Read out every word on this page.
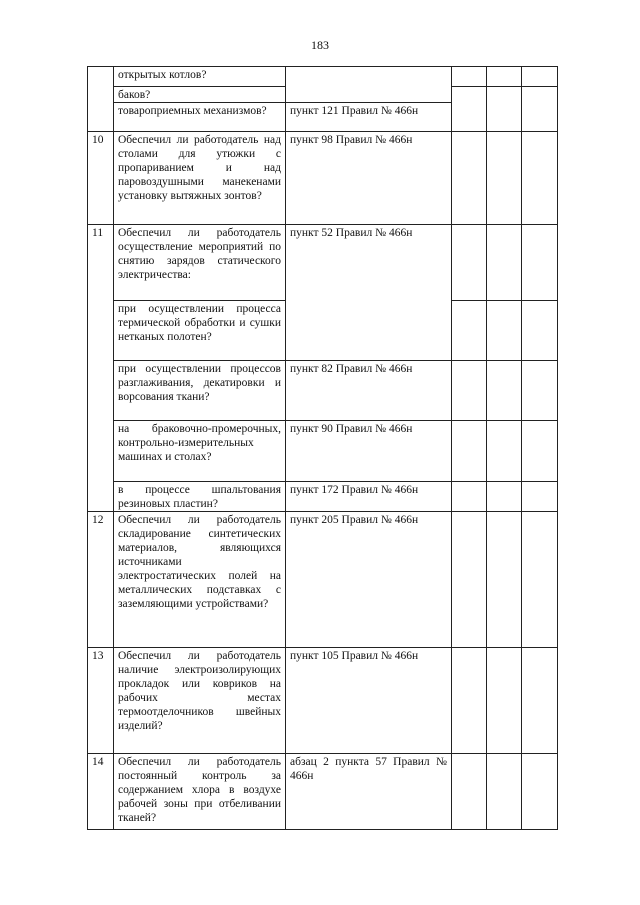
183
	открытых котлов?				
	баков?				
	товароприемных механизмов?	пункт 121 Правил № 466н			
10	Обеспечил ли работодатель над столами для утюжки с пропариванием и над паровоздушными манекенами установку вытяжных зонтов?	пункт 98 Правил № 466н			
11	Обеспечил ли работодатель осуществление мероприятий по снятию зарядов статического электричества:	пункт 52 Правил № 466н			
	при осуществлении процесса термической обработки и сушки нетканых полотен?				
	при осуществлении процессов разглаживания, декатировки и ворсования ткани?	пункт 82 Правил № 466н			
	на браковочно-промерочных, контрольно-измерительных машинах и столах?	пункт 90 Правил № 466н			
	в процессе шпальтования резиновых пластин?	пункт 172 Правил № 466н			
12	Обеспечил ли работодатель складирование синтетических материалов, являющихся источниками электростатических полей на металлических подставках с заземляющими устройствами?	пункт 205 Правил № 466н			
13	Обеспечил ли работодатель наличие электроизолирующих прокладок или ковриков на рабочих местах термоотделочников швейных изделий?	пункт 105 Правил № 466н			
14	Обеспечил ли работодатель постоянный контроль за содержанием хлора в воздухе рабочей зоны при отбеливании тканей?	абзац 2 пункта 57 Правил № 466н			
